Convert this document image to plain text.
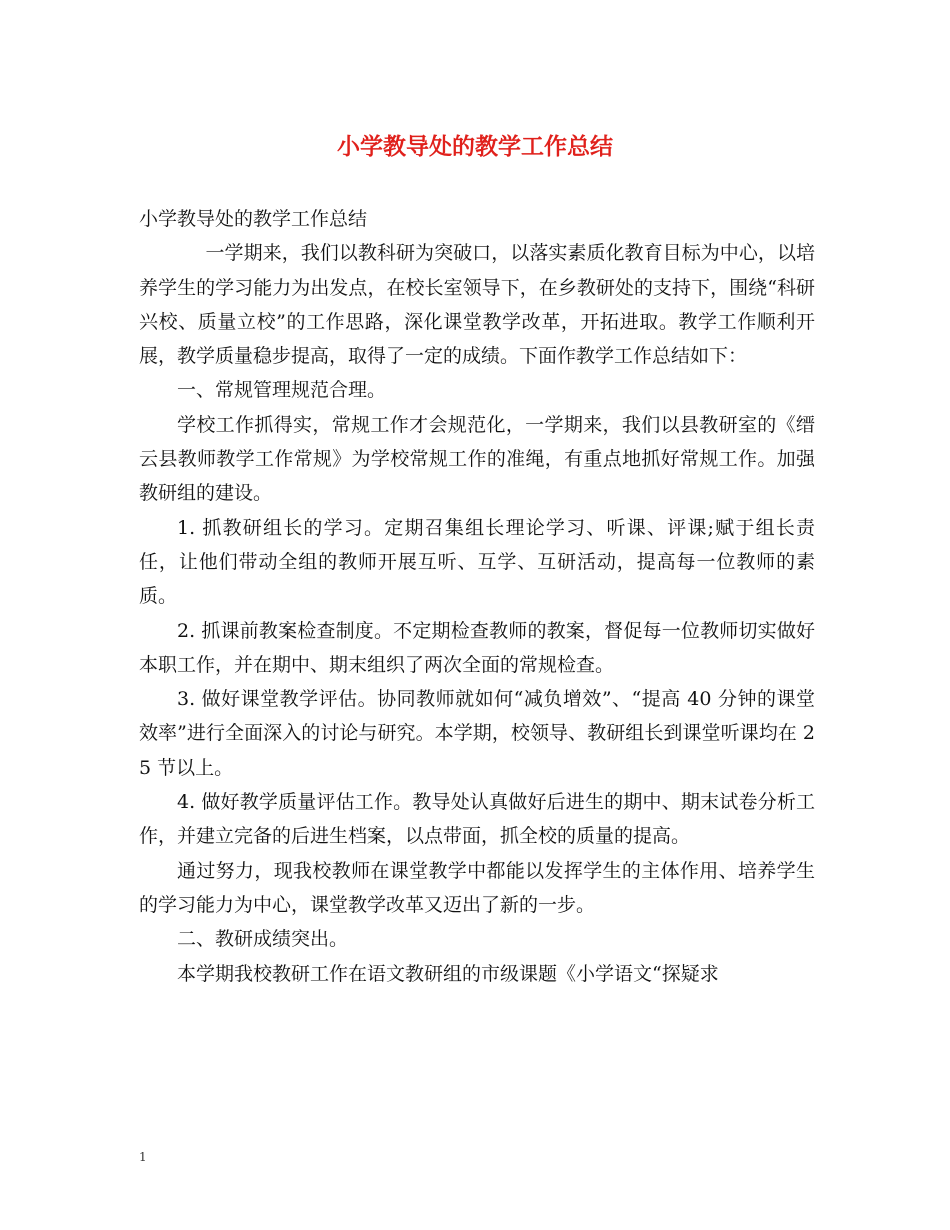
小学教导处的教学工作总结

小学教导处的教学工作总结

一学期来，我们以教科研为突破口，以落实素质化教育目标为中心，以培养学生的学习能力为出发点，在校长室领导下，在乡教研处的支持下，围绕“科研兴校、质量立校”的工作思路，深化课堂教学改革，开拓进取。教学工作顺利开展，教学质量稳步提高，取得了一定的成绩。下面作教学工作总结如下：

一、常规管理规范合理。

学校工作抓得实，常规工作才会规范化，一学期来，我们以县教研室的《缙云县教师教学工作常规》为学校常规工作的准绳，有重点地抓好常规工作。加强教研组的建设。

1. 抓教研组长的学习。定期召集组长理论学习、听课、评课;赋于组长责任，让他们带动全组的教师开展互听、互学、互研活动，提高每一位教师的素质。

2. 抓课前教案检查制度。不定期检查教师的教案，督促每一位教师切实做好本职工作，并在期中、期末组织了两次全面的常规检查。

3. 做好课堂教学评估。协同教师就如何“减负增效”、“提高 40 分钟的课堂效率”进行全面深入的讨论与研究。本学期，校领导、教研组长到课堂听课均在 25 节以上。

4. 做好教学质量评估工作。教导处认真做好后进生的期中、期末试卷分析工作，并建立完备的后进生档案，以点带面，抓全校的质量的提高。

通过努力，现我校教师在课堂教学中都能以发挥学生的主体作用、培养学生的学习能力为中心，课堂教学改革又迈出了新的一步。

二、教研成绩突出。

本学期我校教研工作在语文教研组的市级课题《小学语文“探疑求

1
